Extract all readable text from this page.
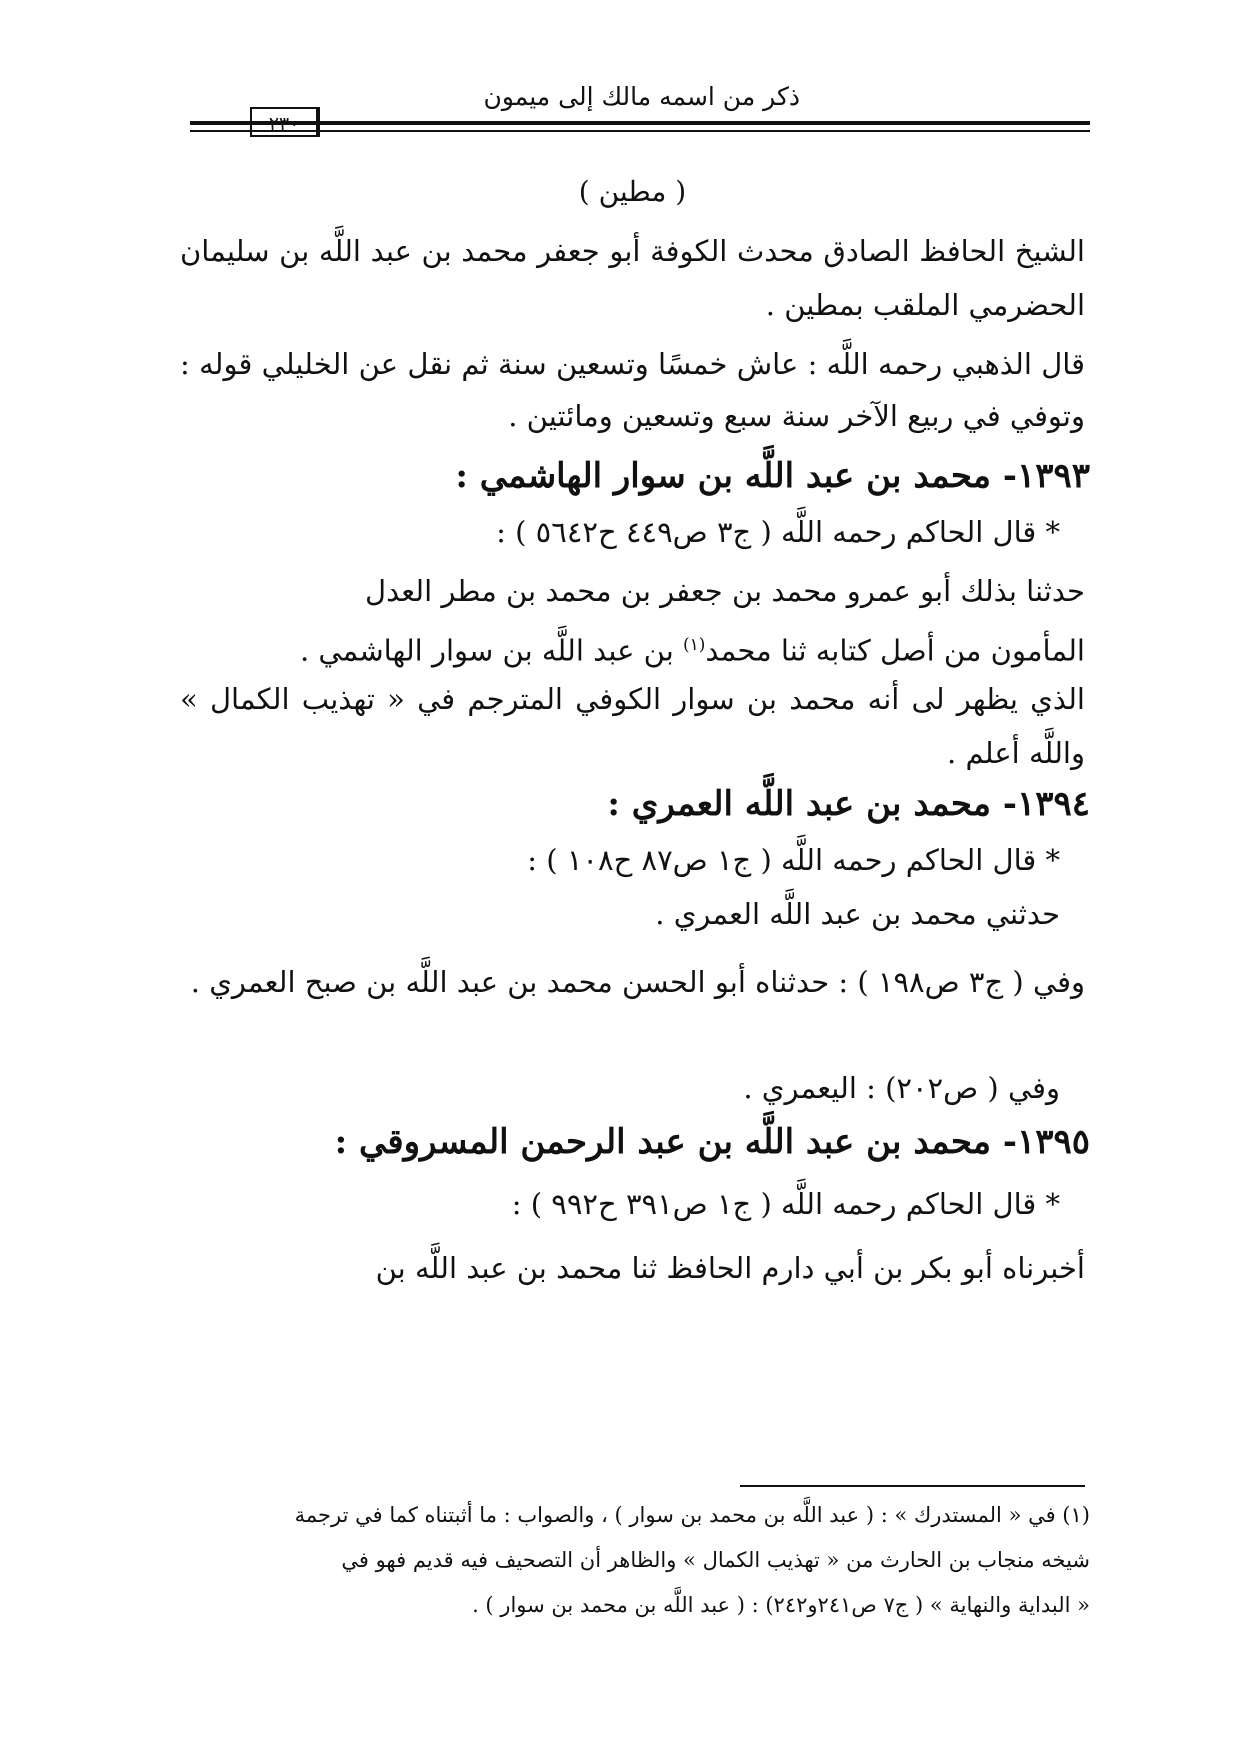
ذكر من اسمه مالك إلى ميمون
( مطين )
الشيخ الحافظ الصادق محدث الكوفة أبو جعفر محمد بن عبد اللَّه بن سليمان الحضرمي الملقب بمطين .
قال الذهبي رحمه اللَّه : عاش خمسًا وتسعين سنة ثم نقل عن الخليلي قوله : وتوفي في ربيع الآخر سنة سبع وتسعين ومائتين .
١٣٩٣- محمد بن عبد اللَّه بن سوار الهاشمي :
* قال الحاكم رحمه اللَّه ( ج٣ ص٤٤٩ ح٥٦٤٢ ) :
حدثنا بذلك أبو عمرو محمد بن جعفر بن محمد بن مطر العدل
المأمون من أصل كتابه ثنا محمد$^{(١)}$ بن عبد اللَّه بن سوار الهاشمي .
الذي يظهر لى أنه محمد بن سوار الكوفي المترجم في « تهذيب الكمال » واللَّه أعلم .
١٣٩٤- محمد بن عبد اللَّه العمري :
* قال الحاكم رحمه اللَّه ( ج١ ص٨٧ ح١٠٨ ) :
حدثني محمد بن عبد اللَّه العمري .
وفي ( ج٣ ص١٩٨ ) : حدثناه أبو الحسن محمد بن عبد اللَّه بن صبح العمري .
وفي ( ص٢٠٢) : اليعمري .
١٣٩٥- محمد بن عبد اللَّه بن عبد الرحمن المسروقي :
* قال الحاكم رحمه اللَّه ( ج١ ص٣٩١ ح٩٩٢ ) :
أخبرناه أبو بكر بن أبي دارم الحافظ ثنا محمد بن عبد اللَّه بن
(١) في « المستدرك » : ( عبد اللَّه بن محمد بن سوار ) ، والصواب : ما أثبتناه كما في ترجمة
شيخه منجاب بن الحارث من « تهذيب الكمال » والظاهر أن التصحيف فيه قديم فهو في
« البداية والنهاية » ( ج٧ ص٢٤١و٢٤٢) : ( عبد اللَّه بن محمد بن سوار ) .
